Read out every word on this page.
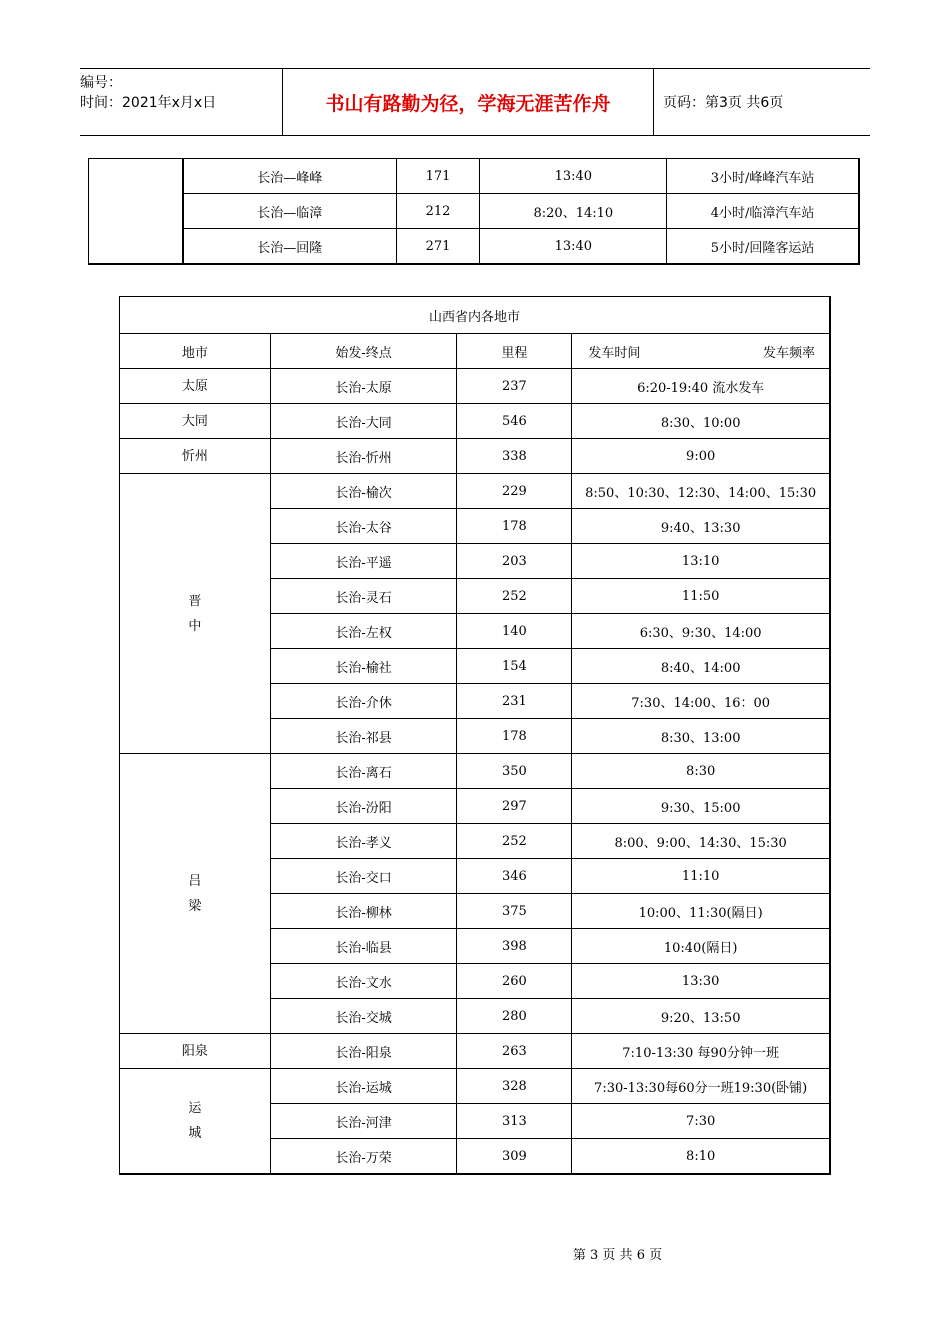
编号：
时间：2021年x月x日	书山有路勤为径，学海无涯苦作舟	页码：第3页 共6页
	长治—峰峰	171	13:40	3小时/峰峰汽车站
	长治—临漳	212	8:20、14:10	4小时/临漳汽车站
	长治—回隆	271	13:40	5小时/回隆客运站
山西省内各地市			
地市	始发-终点	里程	发车时间 发车频率

太原	长治-太原	237	6:20-19:40 流水发车

大同	长治-大同	546	8:30、10:00

忻州	长治-忻州	338	9:00

晋
中	长治-榆次	229	8:50、10:30、12:30、14:00、15:30
	长治-太谷	178	9:40、13:30
	长治-平遥	203	13:10
	长治-灵石	252	11:50
	长治-左权	140	6:30、9:30、14:00
	长治-榆社	154	8:40、14:00
	长治-介休	231	7:30、14:00、16：00
	长治-祁县	178	8:30、13:00

吕
梁	长治-离石	350	8:30
	长治-汾阳	297	9:30、15:00
	长治-孝义	252	8:00、9:00、14:30、15:30
	长治-交口	346	11:10
	长治-柳林	375	10:00、11:30(隔日)
	长治-临县	398	10:40(隔日)
	长治-文水	260	13:30
	长治-交城	280	9:20、13:50

阳泉	长治-阳泉	263	7:10-13:30 每90分钟一班

运
城	长治-运城	328	7:30-13:30每60分一班19:30(卧铺)
	长治-河津	313	7:30
	长治-万荣	309	8:10
第 3 页 共 6 页
